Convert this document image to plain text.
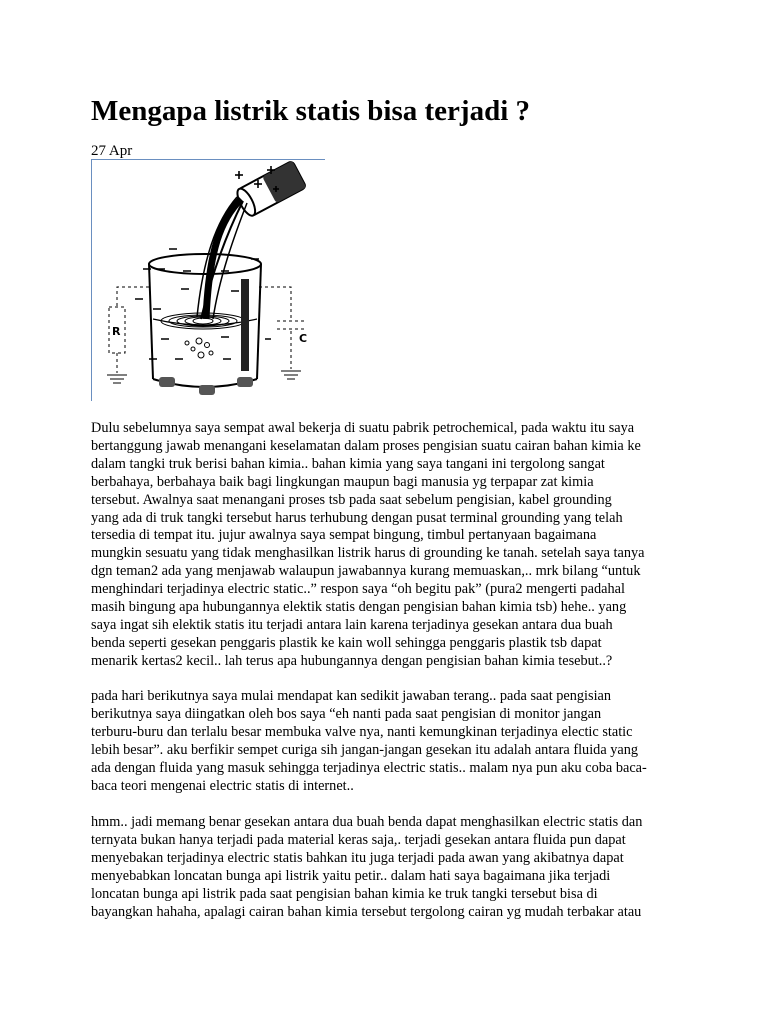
Mengapa listrik statis bisa terjadi ?
27 Apr
R
C

Dulu sebelumnya saya sempat awal bekerja di suatu pabrik petrochemical, pada waktu itu saya
bertanggung jawab menangani keselamatan dalam proses pengisian suatu cairan bahan kimia ke
dalam tangki truk berisi bahan kimia.. bahan kimia yang saya tangani ini tergolong sangat
berbahaya, berbahaya baik bagi lingkungan maupun bagi manusia yg terpapar zat kimia
tersebut. Awalnya saat menangani proses tsb pada saat sebelum pengisian, kabel grounding
yang ada di truk tangki tersebut harus terhubung dengan pusat terminal grounding yang telah
tersedia di tempat itu. jujur awalnya saya sempat bingung, timbul pertanyaan bagaimana
mungkin sesuatu yang tidak menghasilkan listrik harus di grounding ke tanah. setelah saya tanya
dgn teman2 ada yang menjawab walaupun jawabannya kurang memuaskan,.. mrk bilang “untuk
menghindari terjadinya electric static..” respon saya “oh begitu pak” (pura2 mengerti padahal
masih bingung apa hubungannya elektik statis dengan pengisian bahan kimia tsb) hehe.. yang
saya ingat sih elektik statis itu terjadi antara lain karena terjadinya gesekan antara dua buah
benda seperti gesekan penggaris plastik ke kain woll sehingga penggaris plastik tsb dapat
menarik kertas2 kecil.. lah terus apa hubungannya dengan pengisian bahan kimia tesebut..?

pada hari berikutnya saya mulai mendapat kan sedikit jawaban terang.. pada saat pengisian
berikutnya saya diingatkan oleh bos saya “eh nanti pada saat pengisian di monitor jangan
terburu-buru dan terlalu besar membuka valve nya, nanti kemungkinan terjadinya electic static
lebih besar”. aku berfikir sempet curiga sih jangan-jangan gesekan itu adalah antara fluida yang
ada dengan fluida yang masuk sehingga terjadinya electric statis.. malam nya pun aku coba baca-
baca teori mengenai electric statis di internet..

hmm.. jadi memang benar gesekan antara dua buah benda dapat menghasilkan electric statis dan
ternyata bukan hanya terjadi pada material keras saja,. terjadi gesekan antara fluida pun dapat
menyebakan terjadinya electric statis bahkan itu juga terjadi pada awan yang akibatnya dapat
menyebabkan loncatan bunga api listrik yaitu petir.. dalam hati saya bagaimana jika terjadi
loncatan bunga api listrik pada saat pengisian bahan kimia ke truk tangki tersebut bisa di
bayangkan hahaha, apalagi cairan bahan kimia tersebut tergolong cairan yg mudah terbakar atau
